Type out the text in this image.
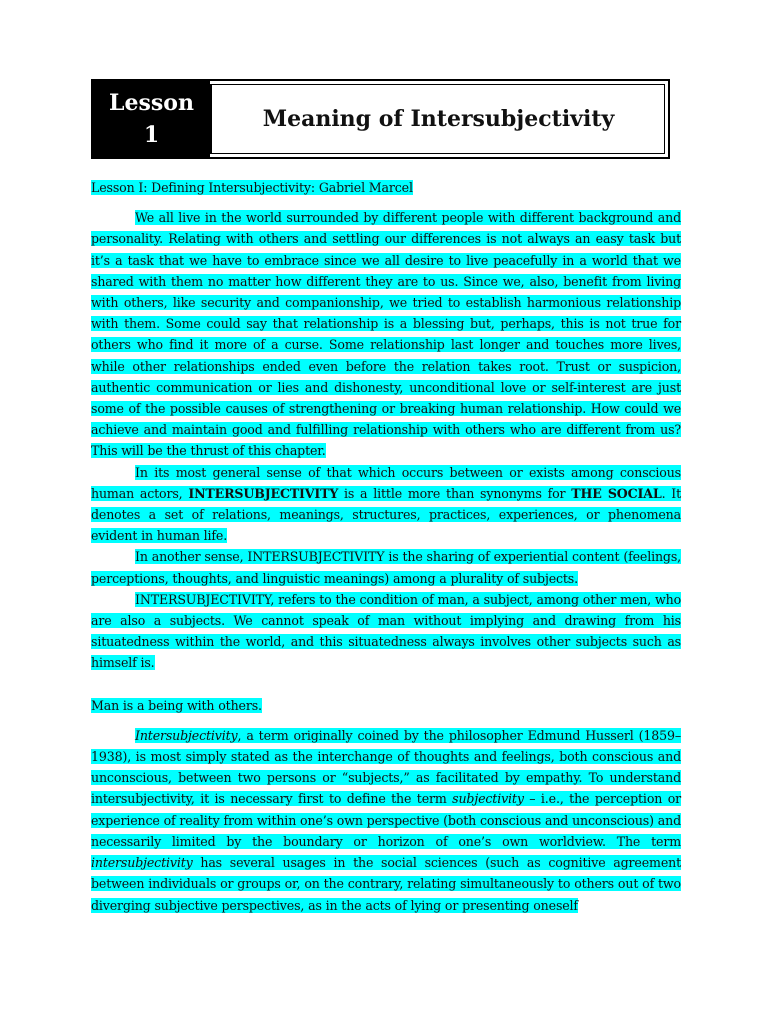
Lesson
1
Meaning of Intersubjectivity

Lesson I: Defining Intersubjectivity: Gabriel Marcel

We all live in the world surrounded by different people with different background and personality. Relating with others and settling our differences is not always an easy task but it’s a task that we have to embrace since we all desire to live peacefully in a world that we shared with them no matter how different they are to us. Since we, also, benefit from living with others, like security and companionship, we tried to establish harmonious relationship with them. Some could say that relationship is a blessing but, perhaps, this is not true for others who find it more of a curse. Some relationship last longer and touches more lives, while other relationships ended even before the relation takes root. Trust or suspicion, authentic communication or lies and dishonesty, unconditional love or self-interest are just some of the possible causes of strengthening or breaking human relationship. How could we achieve and maintain good and fulfilling relationship with others who are different from us? This will be the thrust of this chapter.

In its most general sense of that which occurs between or exists among conscious human actors, INTERSUBJECTIVITY is a little more than synonyms for THE SOCIAL. It denotes a set of relations, meanings, structures, practices, experiences, or phenomena evident in human life.

In another sense, INTERSUBJECTIVITY is the sharing of experiential content (feelings, perceptions, thoughts, and linguistic meanings) among a plurality of subjects.

INTERSUBJECTIVITY, refers to the condition of man, a subject, among other men, who are also a subjects. We cannot speak of man without implying and drawing from his situatedness within the world, and this situatedness always involves other subjects such as himself is.

Man is a being with others.

Intersubjectivity, a term originally coined by the philosopher Edmund Husserl (1859–1938), is most simply stated as the interchange of thoughts and feelings, both conscious and unconscious, between two persons or “subjects,” as facilitated by empathy. To understand intersubjectivity, it is necessary first to define the term subjectivity – i.e., the perception or experience of reality from within one’s own perspective (both conscious and unconscious) and necessarily limited by the boundary or horizon of one’s own worldview. The term intersubjectivity has several usages in the social sciences (such as cognitive agreement between individuals or groups or, on the contrary, relating simultaneously to others out of two diverging subjective perspectives, as in the acts of lying or presenting oneself
